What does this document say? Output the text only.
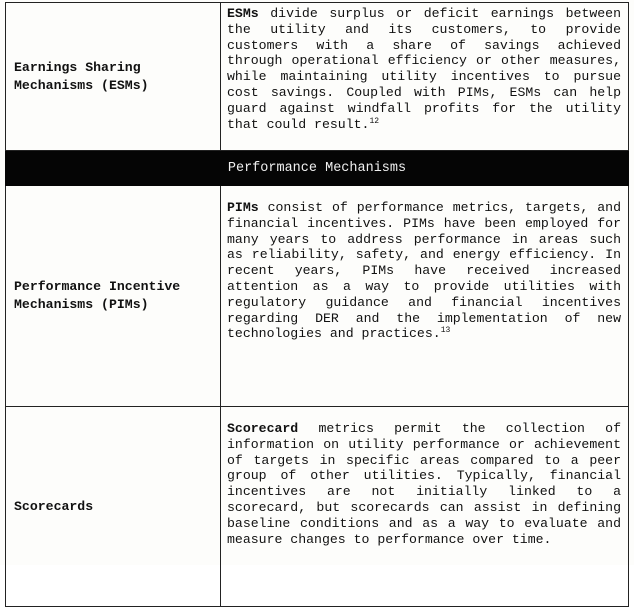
Earnings Sharing Mechanisms (ESMs)	ESMs divide surplus or deficit earnings between the utility and its customers, to provide customers with a share of savings achieved through operational efficiency or other measures, while maintaining utility incentives to pursue cost savings. Coupled with PIMs, ESMs can help guard against windfall profits for the utility that could result.$^{12}$
Performance Mechanisms	
Performance Incentive Mechanisms (PIMs)	PIMs consist of performance metrics, targets, and financial incentives. PIMs have been employed for many years to address performance in areas such as reliability, safety, and energy efficiency. In recent years, PIMs have received increased attention as a way to provide utilities with regulatory guidance and financial incentives regarding DER and the implementation of new technologies and practices.$^{13}$
Scorecards	Scorecard metrics permit the collection of information on utility performance or achievement of targets in specific areas compared to a peer group of other utilities. Typically, financial incentives are not initially linked to a scorecard, but scorecards can assist in defining baseline conditions and as a way to evaluate and measure changes to performance over time.
